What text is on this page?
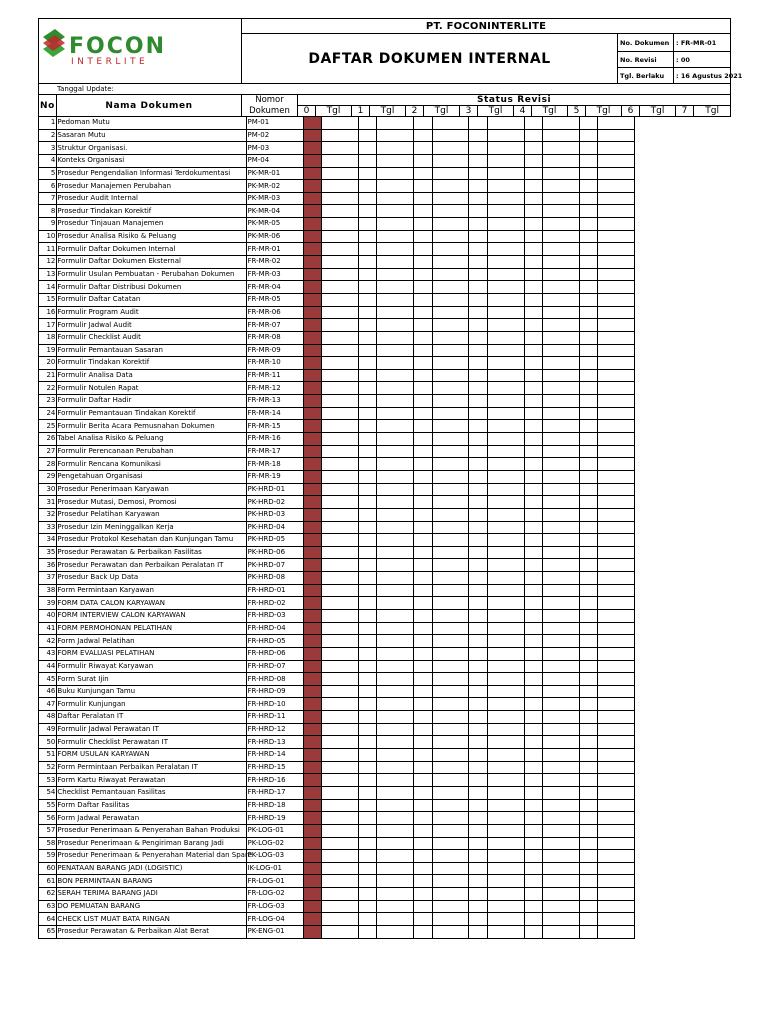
FOCON
INTERLITE	PT. FOCONINTERLITE		
	DAFTAR DOKUMEN INTERNAL	No. Dokumen	: FR-MR-01
		No. Revisi	: 00
		Tgl. Berlaku	: 16 Agustus 2021
Tanggal Update:																		
No	Nama Dokumen	Nomor	Status Revisi															
		Dokumen	0	Tgl	1	Tgl	2	Tgl	3	Tgl	4	Tgl	5	Tgl	6	Tgl	7	Tgl
1	Pedoman Mutu	PM-01												
2	Sasaran Mutu	PM-02												
3	Struktur Organisasi.	PM-03												
4	Konteks Organisasi	PM-04												
5	Prosedur Pengendalian Informasi Terdokumentasi	PK-MR-01												
6	Prosedur Manajemen Perubahan	PK-MR-02												
7	Prosedur Audit Internal	PK-MR-03												
8	Prosedur Tindakan Korektif	PK-MR-04												
9	Prosedur Tinjauan Manajemen	PK-MR-05												
10	Prosedur Analisa Risiko & Peluang	PK-MR-06												
11	Formulir Daftar Dokumen Internal	FR-MR-01												
12	Formulir Daftar Dokumen Eksternal	FR-MR-02												
13	Formulir Usulan Pembuatan - Perubahan Dokumen	FR-MR-03												
14	Formulir Daftar Distribusi Dokumen	FR-MR-04												
15	Formulir Daftar Catatan	FR-MR-05												
16	Formulir Program Audit	FR-MR-06												
17	Formulir Jadwal Audit	FR-MR-07												
18	Formulir Checklist Audit	FR-MR-08												
19	Formulir Pemantauan Sasaran	FR-MR-09												
20	Formulir Tindakan Korektif	FR-MR-10												
21	Formulir Analisa Data	FR-MR-11												
22	Formulir Notulen Rapat	FR-MR-12												
23	Formulir Daftar Hadir	FR-MR-13												
24	Formulir Pemantauan Tindakan Korektif	FR-MR-14												
25	Formulir Berita Acara Pemusnahan Dokumen	FR-MR-15												
26	Tabel Analisa Risiko & Peluang	FR-MR-16												
27	Formulir Perencanaan Perubahan	FR-MR-17												
28	Formulir Rencana Komunikasi	FR-MR-18												
29	Pengetahuan Organisasi	FR-MR-19												
30	Prosedur Penerimaan Karyawan	PK-HRD-01												
31	Prosedur Mutasi, Demosi, Promosi	PK-HRD-02												
32	Prosedur Pelatihan Karyawan	PK-HRD-03												
33	Prosedur Izin Meninggalkan Kerja	PK-HRD-04												
34	Prosedur Protokol Kesehatan dan Kunjungan Tamu	PK-HRD-05												
35	Prosedur Perawatan & Perbaikan Fasilitas	PK-HRD-06												
36	Prosedur Perawatan dan Perbaikan Peralatan IT	PK-HRD-07												
37	Prosedur Back Up Data	PK-HRD-08												
38	Form Permintaan Karyawan	FR-HRD-01												
39	FORM DATA CALON KARYAWAN	FR-HRD-02												
40	FORM INTERVIEW CALON KARYAWAN	FR-HRD-03												
41	FORM PERMOHONAN PELATIHAN	FR-HRD-04												
42	Form Jadwal Pelatihan	FR-HRD-05												
43	FORM EVALUASI PELATIHAN	FR-HRD-06												
44	Formulir Riwayat Karyawan	FR-HRD-07												
45	Form Surat Ijin	FR-HRD-08												
46	Buku Kunjungan Tamu	FR-HRD-09												
47	Formulir Kunjungan	FR-HRD-10												
48	Daftar Peralatan IT	FR-HRD-11												
49	Formulir Jadwal Perawatan IT	FR-HRD-12												
50	Formulir Checklist Perawatan IT	FR-HRD-13												
51	FORM USULAN KARYAWAN	FR-HRD-14												
52	Form Permintaan Perbaikan Peralatan IT	FR-HRD-15												
53	Form Kartu Riwayat Perawatan	FR-HRD-16												
54	Checklist Pemantauan Fasilitas	FR-HRD-17												
55	Form Daftar Fasilitas	FR-HRD-18												
56	Form Jadwal Perawatan	FR-HRD-19												
57	Prosedur Penerimaan & Penyerahan Bahan Produksi	PK-LOG-01												
58	Prosedur Penerimaan & Pengiriman Barang Jadi	PK-LOG-02												
59	Prosedur Penerimaan & Penyerahan Material dan Spare	PK-LOG-03												
60	PENATAAN BARANG JADI (LOGISTIC)	IK-LOG-01												
61	BON PERMINTAAN BARANG	FR-LOG-01												
62	SERAH TERIMA BARANG JADI	FR-LOG-02												
63	DO PEMUATAN BARANG	FR-LOG-03												
64	CHECK LIST MUAT BATA RINGAN	FR-LOG-04												
65	Prosedur Perawatan & Perbaikan Alat Berat	PK-ENG-01												
